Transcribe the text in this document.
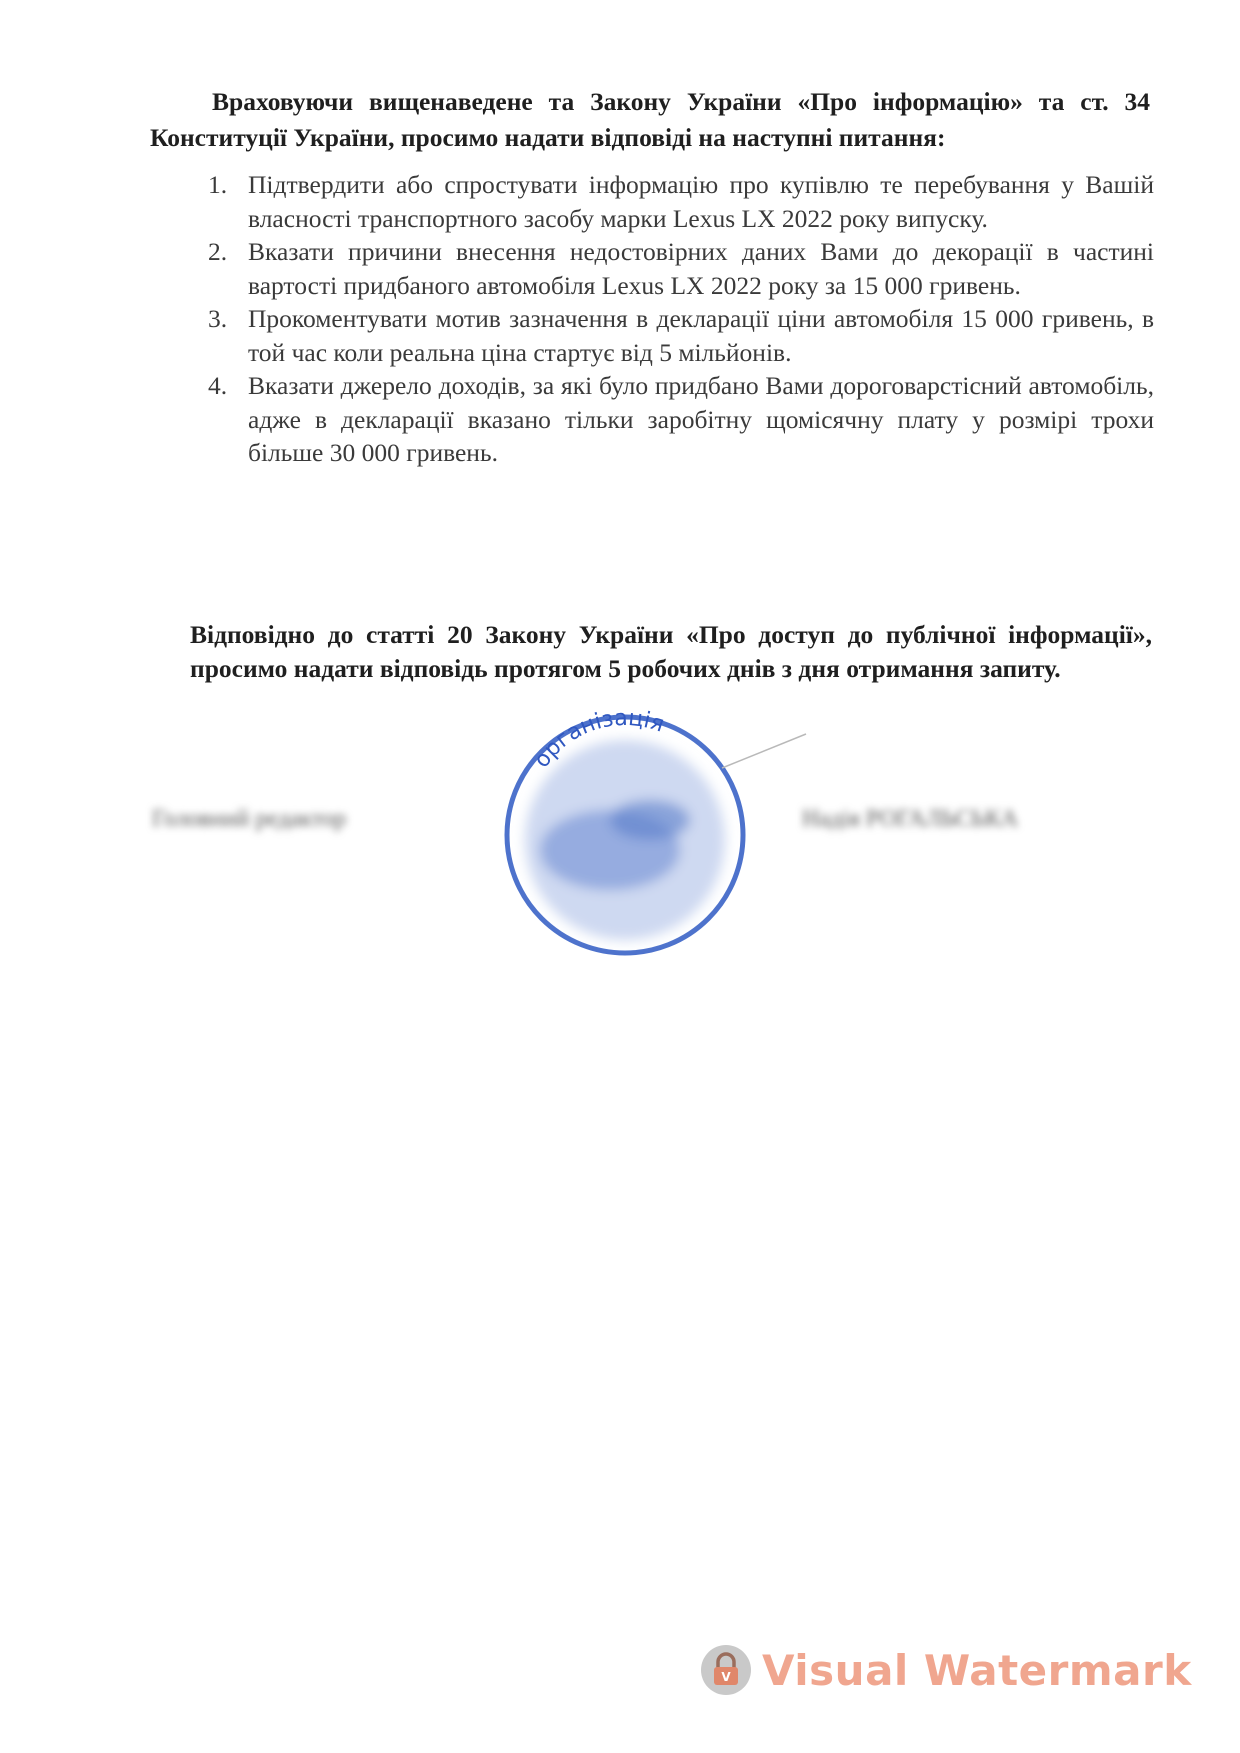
Враховуючи вищенаведене та Закону України «Про інформацію» та ст. 34 Конституції України, просимо надати відповіді на наступні питання:
1. Підтвердити або спростувати інформацію про купівлю те перебування у Вашій власності транспортного засобу марки Lexus LX 2022 року випуску.
2. Вказати причини внесення недостовірних даних Вами до декорації в частині вартості придбаного автомобіля Lexus LX 2022 року за 15 000 гривень.
3. Прокоментувати мотив зазначення в декларації ціни автомобіля 15 000 гривень, в той час коли реальна ціна стартує від 5 мільйонів.
4. Вказати джерело доходів, за які було придбано Вами дороговарстісний автомобіль, адже в декларації вказано тільки заробітну щомісячну плату у розмірі трохи більше 30 000 гривень.
Відповідно до статті 20 Закону України «Про доступ до публічної інформації», просимо надати відповідь протягом 5 робочих днів з дня отримання запиту.
Головний редактор	Надія РОГАЛЬСЬКА
організація
V Visual Watermark
